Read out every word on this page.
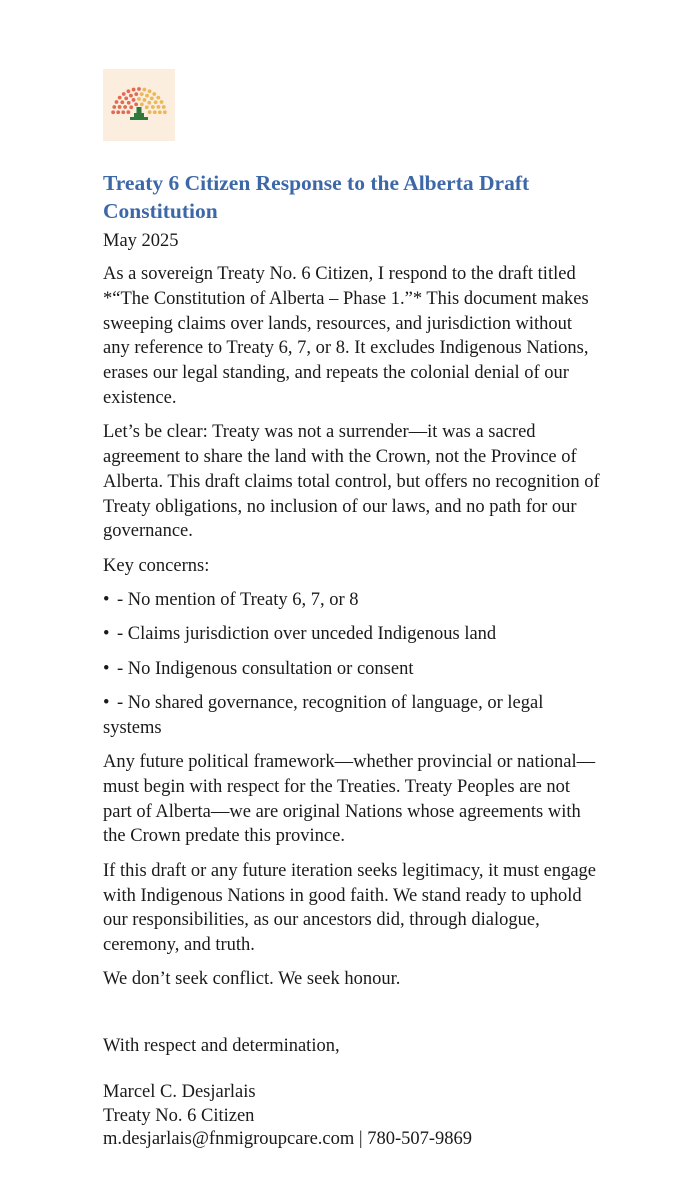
Treaty 6 Citizen Response to the Alberta Draft Constitution

May 2025

As a sovereign Treaty No. 6 Citizen, I respond to the draft titled *“The Constitution of Alberta – Phase 1.”* This document makes sweeping claims over lands, resources, and jurisdiction without any reference to Treaty 6, 7, or 8. It excludes Indigenous Nations, erases our legal standing, and repeats the colonial denial of our existence.

Let’s be clear: Treaty was not a surrender—it was a sacred agreement to share the land with the Crown, not the Province of Alberta. This draft claims total control, but offers no recognition of Treaty obligations, no inclusion of our laws, and no path for our governance.

Key concerns:

• - No mention of Treaty 6, 7, or 8
• - Claims jurisdiction over unceded Indigenous land
• - No Indigenous consultation or consent
• - No shared governance, recognition of language, or legal systems

Any future political framework—whether provincial or national—must begin with respect for the Treaties. Treaty Peoples are not part of Alberta—we are original Nations whose agreements with the Crown predate this province.

If this draft or any future iteration seeks legitimacy, it must engage with Indigenous Nations in good faith. We stand ready to uphold our responsibilities, as our ancestors did, through dialogue, ceremony, and truth.

We don’t seek conflict. We seek honour.

With respect and determination,

Marcel C. Desjarlais
Treaty No. 6 Citizen
m.desjarlais@fnmigroupcare.com | 780-507-9869
